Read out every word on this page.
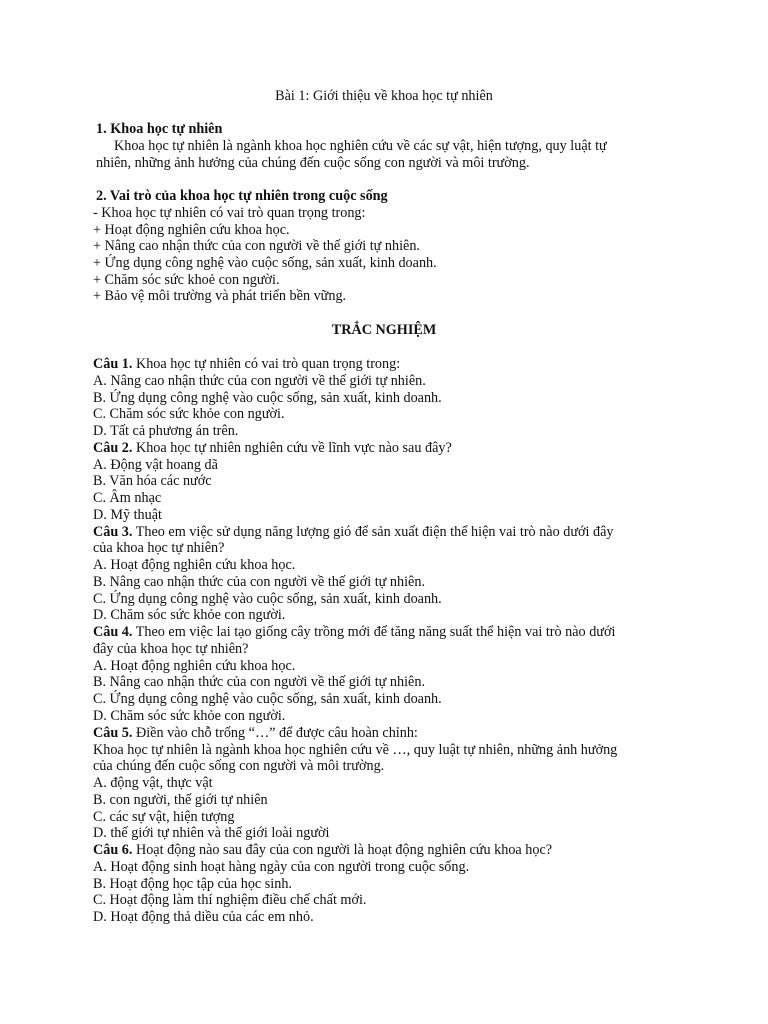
Bài 1: Giới thiệu về khoa học tự nhiên
1. Khoa học tự nhiên
Khoa học tự nhiên là ngành khoa học nghiên cứu về các sự vật, hiện tượng, quy luật tự
nhiên, những ảnh hưởng của chúng đến cuộc sống con người và môi trường.
2. Vai trò của khoa học tự nhiên trong cuộc sống
- Khoa học tự nhiên có vai trò quan trọng trong:
+ Hoạt động nghiên cứu khoa học.
+ Nâng cao nhận thức của con người về thế giới tự nhiên.
+ Ứng dụng công nghệ vào cuộc sống, sản xuất, kinh doanh.
+ Chăm sóc sức khoẻ con người.
+ Bảo vệ môi trường và phát triển bền vững.
TRẮC NGHIỆM
Câu 1. Khoa học tự nhiên có vai trò quan trọng trong:
A. Nâng cao nhận thức của con người về thế giới tự nhiên.
B. Ứng dụng công nghệ vào cuộc sống, sản xuất, kinh doanh.
C. Chăm sóc sức khỏe con người.
D. Tất cả phương án trên.
Câu 2. Khoa học tự nhiên nghiên cứu về lĩnh vực nào sau đây?
A. Động vật hoang dã
B. Văn hóa các nước
C. Âm nhạc
D. Mỹ thuật
Câu 3. Theo em việc sử dụng năng lượng gió để sản xuất điện thể hiện vai trò nào dưới đây
của khoa học tự nhiên?
A. Hoạt động nghiên cứu khoa học.
B. Nâng cao nhận thức của con người về thế giới tự nhiên.
C. Ứng dụng công nghệ vào cuộc sống, sản xuất, kinh doanh.
D. Chăm sóc sức khỏe con người.
Câu 4. Theo em việc lai tạo giống cây trồng mới để tăng năng suất thể hiện vai trò nào dưới
đây của khoa học tự nhiên?
A. Hoạt động nghiên cứu khoa học.
B. Nâng cao nhận thức của con người về thế giới tự nhiên.
C. Ứng dụng công nghệ vào cuộc sống, sản xuất, kinh doanh.
D. Chăm sóc sức khỏe con người.
Câu 5. Điền vào chỗ trống “…” để được câu hoàn chỉnh:
Khoa học tự nhiên là ngành khoa học nghiên cứu về …, quy luật tự nhiên, những ảnh hưởng
của chúng đến cuộc sống con người và môi trường.
A. động vật, thực vật
B. con người, thế giới tự nhiên
C. các sự vật, hiện tượng
D. thế giới tự nhiên và thế giới loài người
Câu 6. Hoạt động nào sau đây của con người là hoạt động nghiên cứu khoa học?
A. Hoạt động sinh hoạt hàng ngày của con người trong cuộc sống.
B. Hoạt động học tập của học sinh.
C. Hoạt động làm thí nghiệm điều chế chất mới.
D. Hoạt động thả diều của các em nhỏ.
